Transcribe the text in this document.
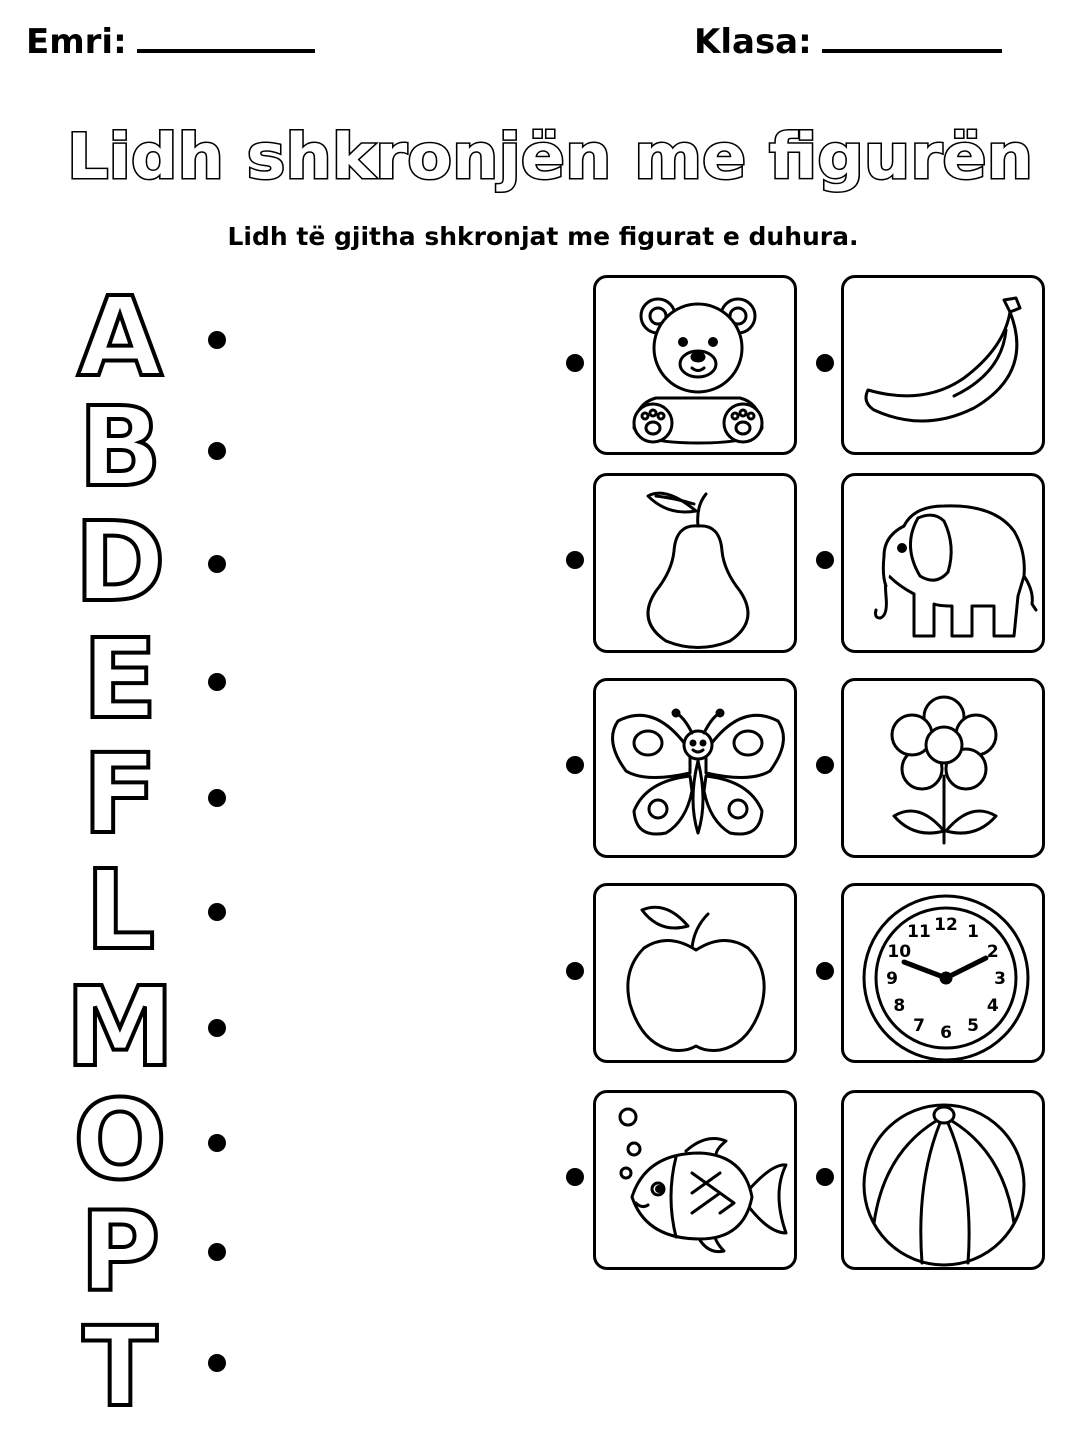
Emri:	Klasa:
Lidh shkronjën me figurën
Lidh të gjitha shkronjat me figurat e duhura.
A
B
D
E
F
L
M
O
P
T
12 1
2
3
4
5
6
7
8
9
10
11
